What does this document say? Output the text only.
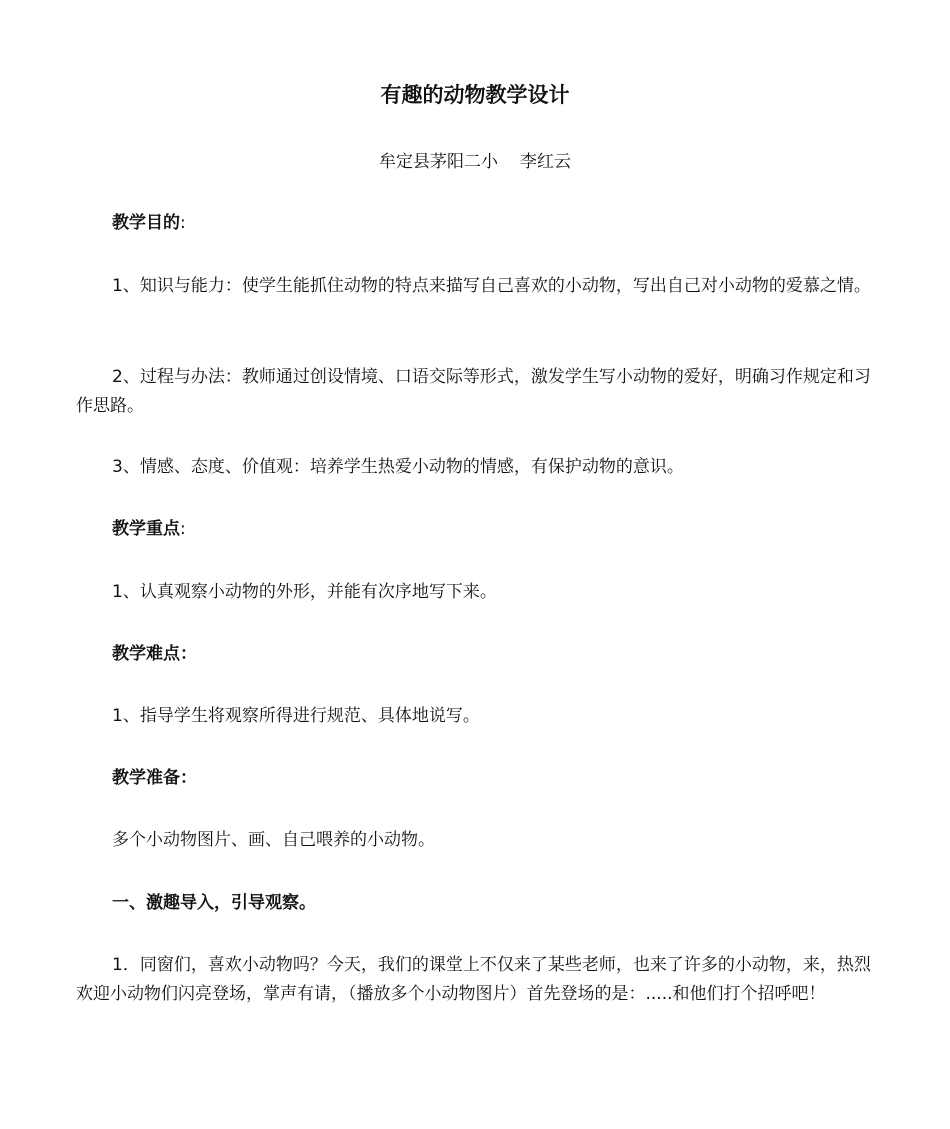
有趣的动物教学设计
牟定县茅阳二小 李红云

教学目的:

1、知识与能力：使学生能抓住动物的特点来描写自己喜欢的小动物，写出自己对小动物的爱慕之情。

2、过程与办法：教师通过创设情境、口语交际等形式，激发学生写小动物的爱好，明确习作规定和习作思路。

3、情感、态度、价值观：培养学生热爱小动物的情感，有保护动物的意识。

教学重点:

1、认真观察小动物的外形，并能有次序地写下来。

教学难点：

1、指导学生将观察所得进行规范、具体地说写。

教学准备：

多个小动物图片、画、自己喂养的小动物。

一、激趣导入，引导观察。

1．同窗们，喜欢小动物吗？今天，我们的课堂上不仅来了某些老师，也来了许多的小动物，来，热烈欢迎小动物们闪亮登场，掌声有请，（播放多个小动物图片）首先登场的是：.....和他们打个招呼吧！
